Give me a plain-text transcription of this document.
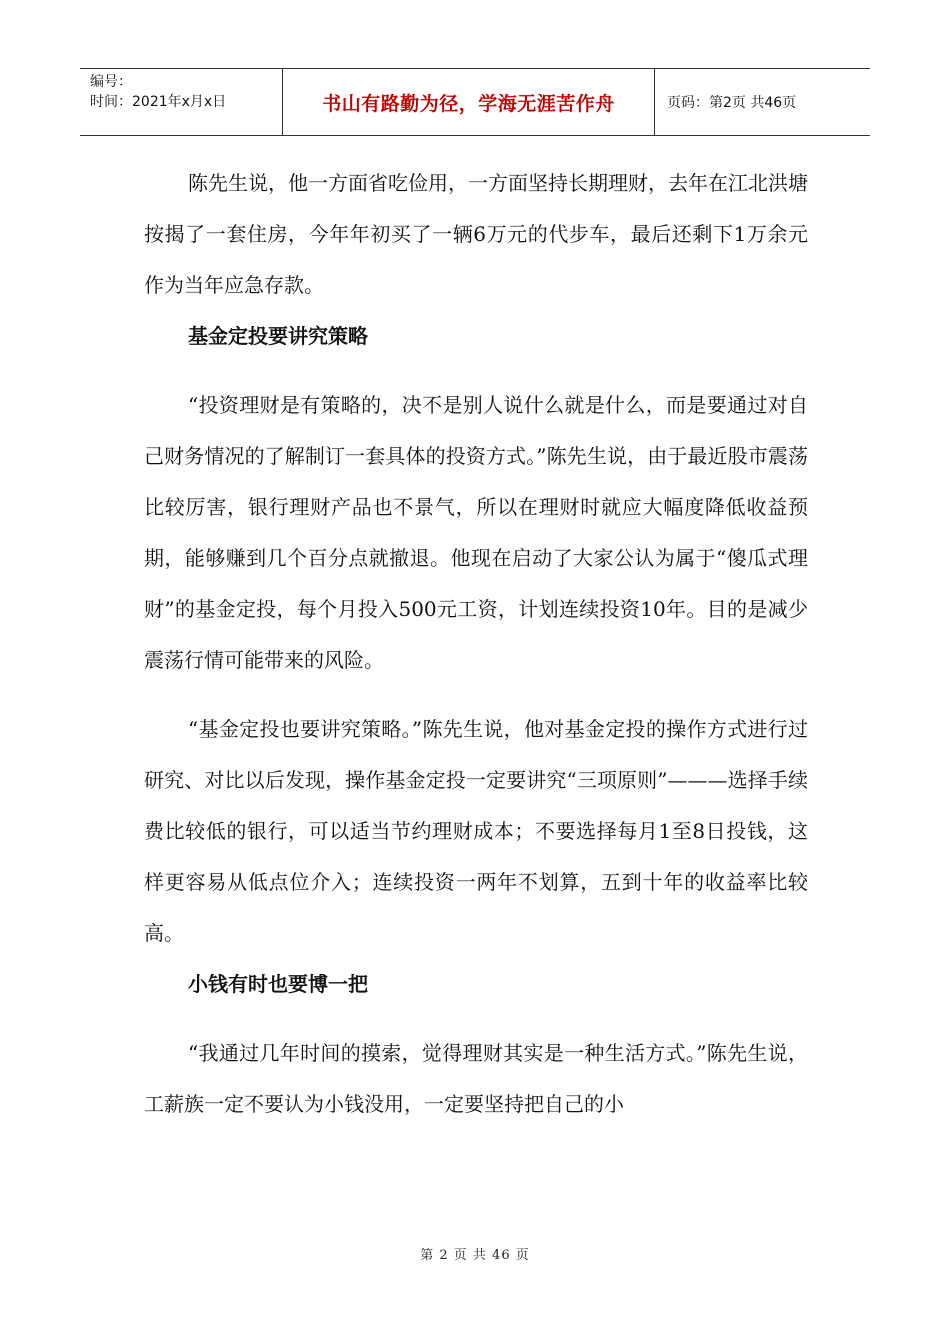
编号：
时间：2021年x月x日	书山有路勤为径，学海无涯苦作舟	页码：第2页 共46页

陈先生说，他一方面省吃俭用，一方面坚持长期理财，去年在江北洪塘按揭了一套住房，今年年初买了一辆6万元的代步车，最后还剩下1万余元作为当年应急存款。

基金定投要讲究策略

“投资理财是有策略的，决不是别人说什么就是什么，而是要通过对自己财务情况的了解制订一套具体的投资方式。”陈先生说，由于最近股市震荡比较厉害，银行理财产品也不景气，所以在理财时就应大幅度降低收益预期，能够赚到几个百分点就撤退。他现在启动了大家公认为属于“傻瓜式理财”的基金定投，每个月投入500元工资，计划连续投资10年。目的是减少震荡行情可能带来的风险。

“基金定投也要讲究策略。”陈先生说，他对基金定投的操作方式进行过研究、对比以后发现，操作基金定投一定要讲究“三项原则”———选择手续费比较低的银行，可以适当节约理财成本；不要选择每月1至8日投钱，这样更容易从低点位介入；连续投资一两年不划算，五到十年的收益率比较高。

小钱有时也要博一把

“我通过几年时间的摸索，觉得理财其实是一种生活方式。”陈先生说，工薪族一定不要认为小钱没用，一定要坚持把自己的小

第 2 页 共 46 页
